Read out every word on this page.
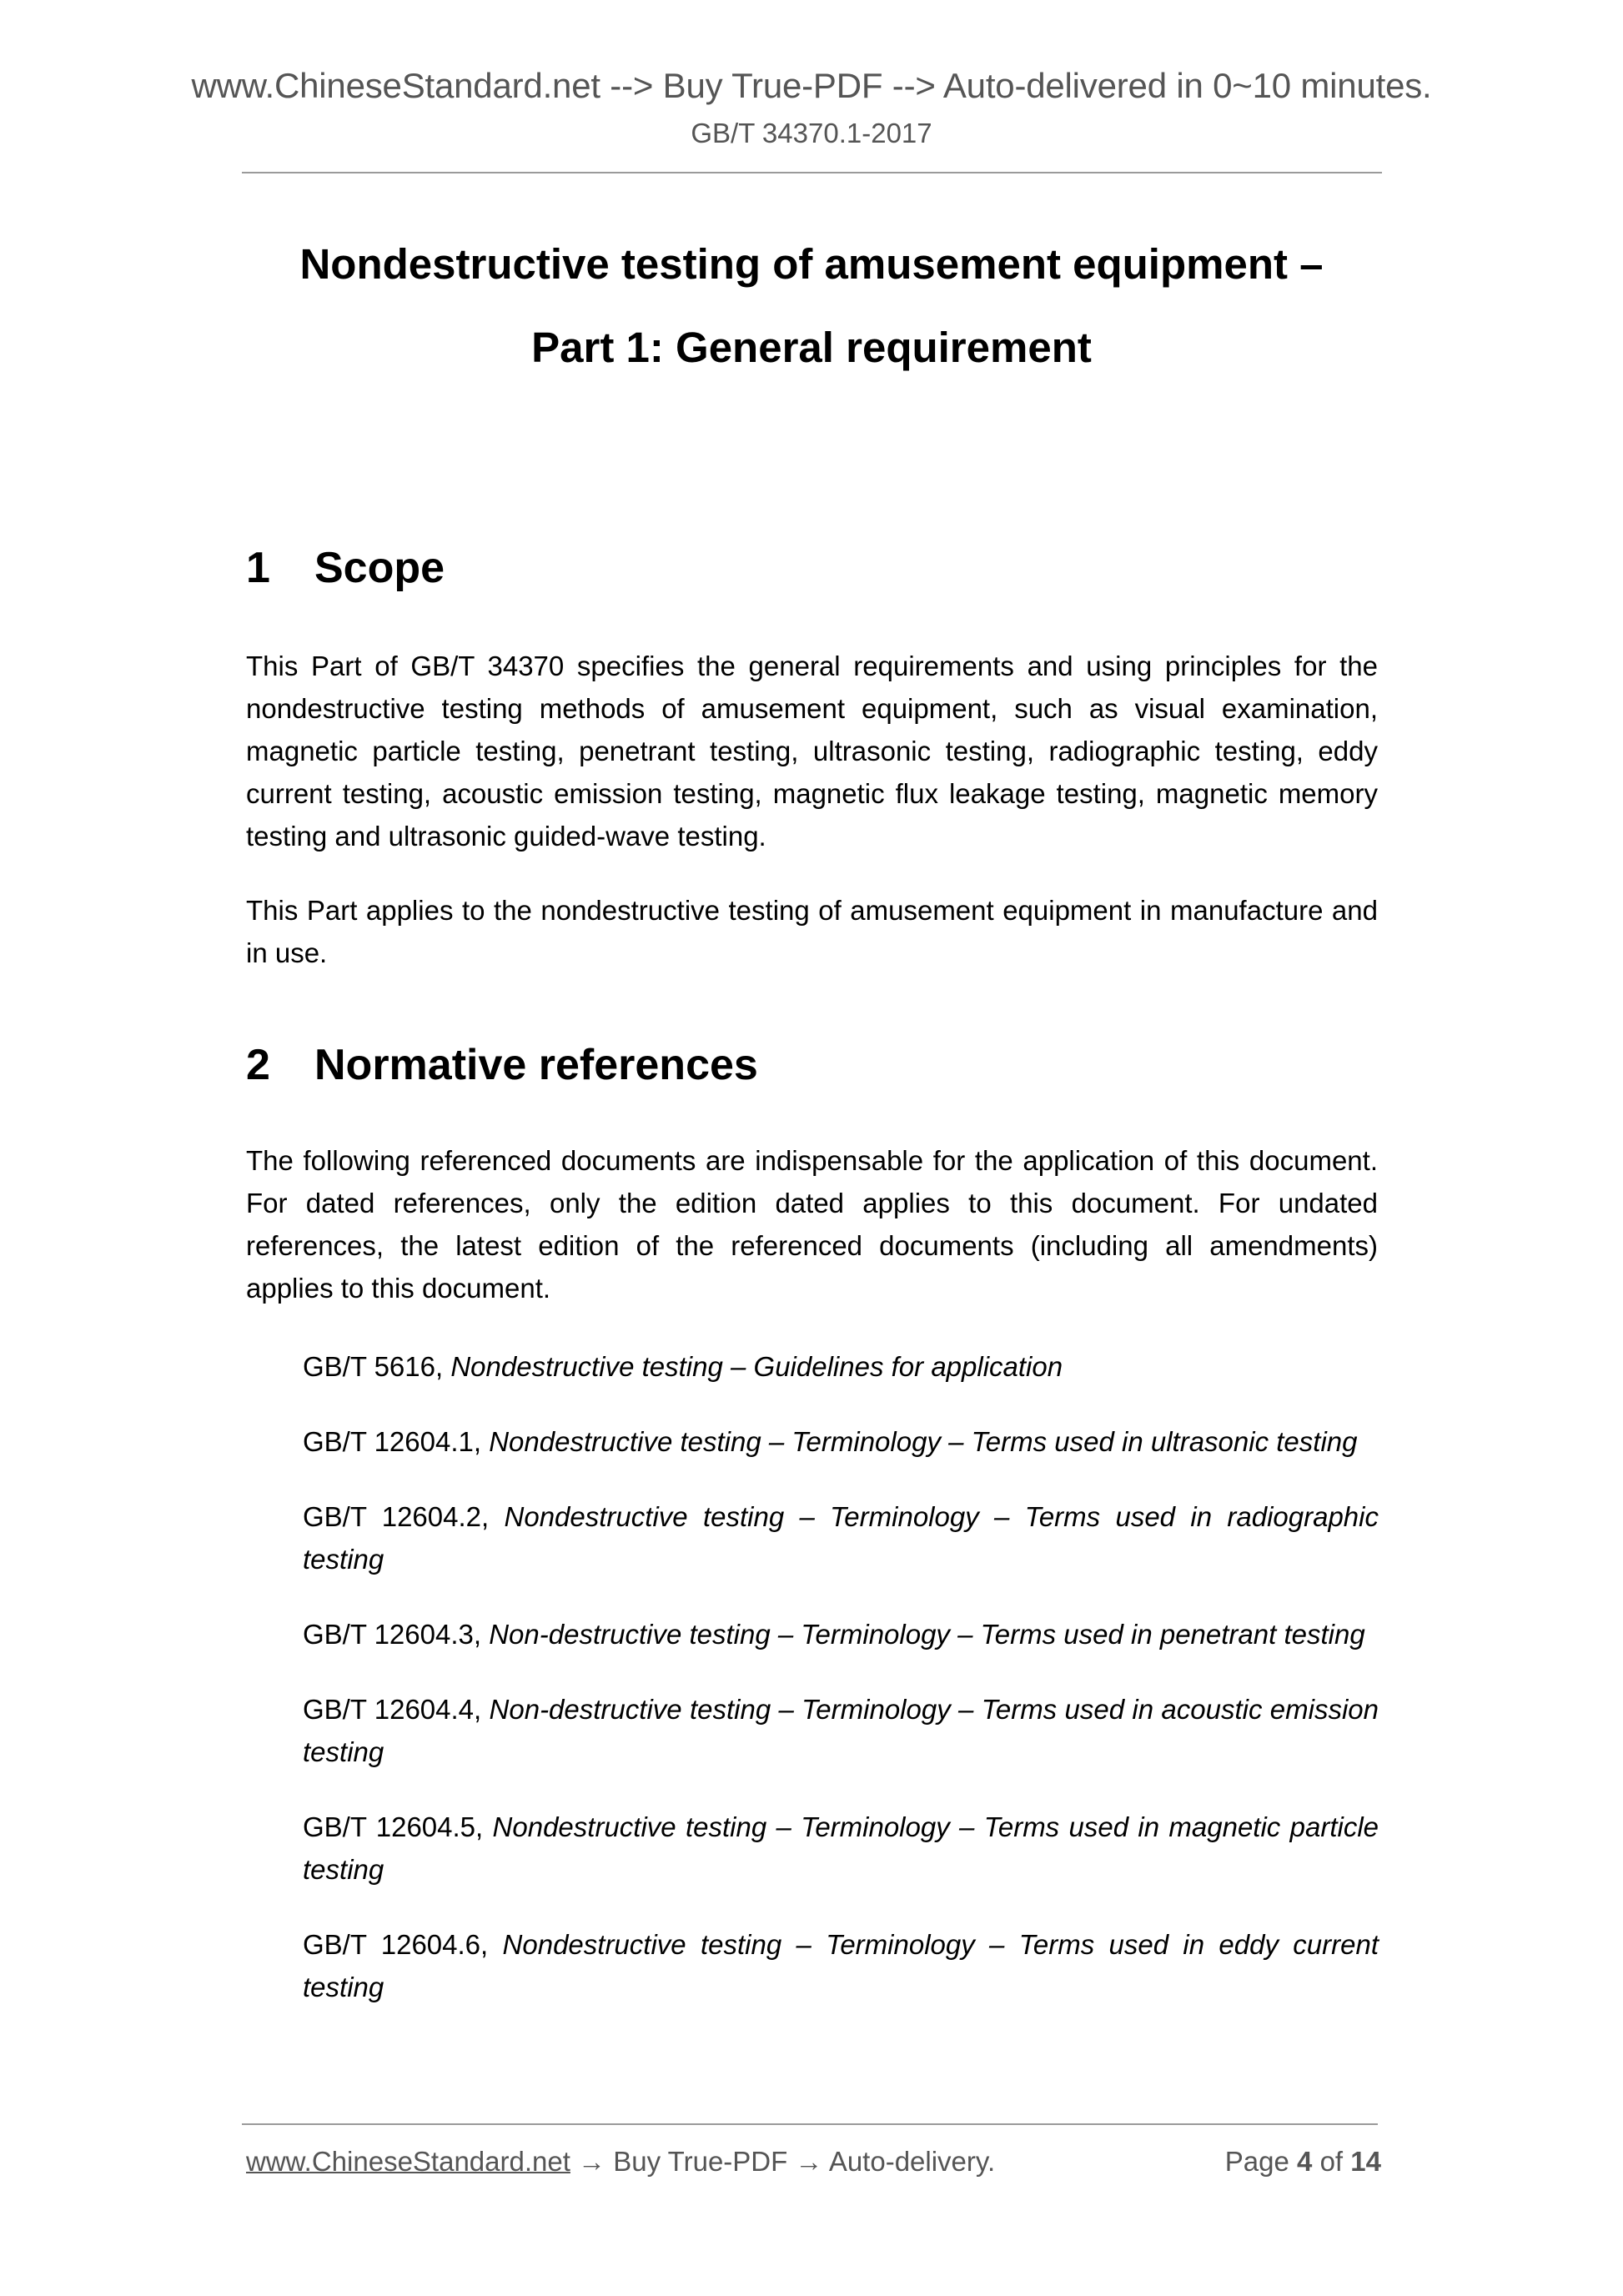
www.ChineseStandard.net --> Buy True-PDF --> Auto-delivered in 0~10 minutes.
GB/T 34370.1-2017
Nondestructive testing of amusement equipment –
Part 1: General requirement
1	Scope

This Part of GB/T 34370 specifies the general requirements and using principles for the nondestructive testing methods of amusement equipment, such as visual examination, magnetic particle testing, penetrant testing, ultrasonic testing, radiographic testing, eddy current testing, acoustic emission testing, magnetic flux leakage testing, magnetic memory testing and ultrasonic guided-wave testing.

This Part applies to the nondestructive testing of amusement equipment in manufacture and in use.

2	Normative references

The following referenced documents are indispensable for the application of this document. For dated references, only the edition dated applies to this document. For undated references, the latest edition of the referenced documents (including all amendments) applies to this document.

GB/T 5616, Nondestructive testing – Guidelines for application

GB/T 12604.1, Nondestructive testing – Terminology – Terms used in ultrasonic testing

GB/T 12604.2, Nondestructive testing – Terminology – Terms used in radiographic testing

GB/T 12604.3, Non-destructive testing – Terminology – Terms used in penetrant testing

GB/T 12604.4, Non-destructive testing – Terminology – Terms used in acoustic emission testing

GB/T 12604.5, Nondestructive testing – Terminology – Terms used in magnetic particle testing

GB/T 12604.6, Nondestructive testing – Terminology – Terms used in eddy current testing

www.ChineseStandard.net → Buy True-PDF → Auto-delivery.	Page 4 of 14
